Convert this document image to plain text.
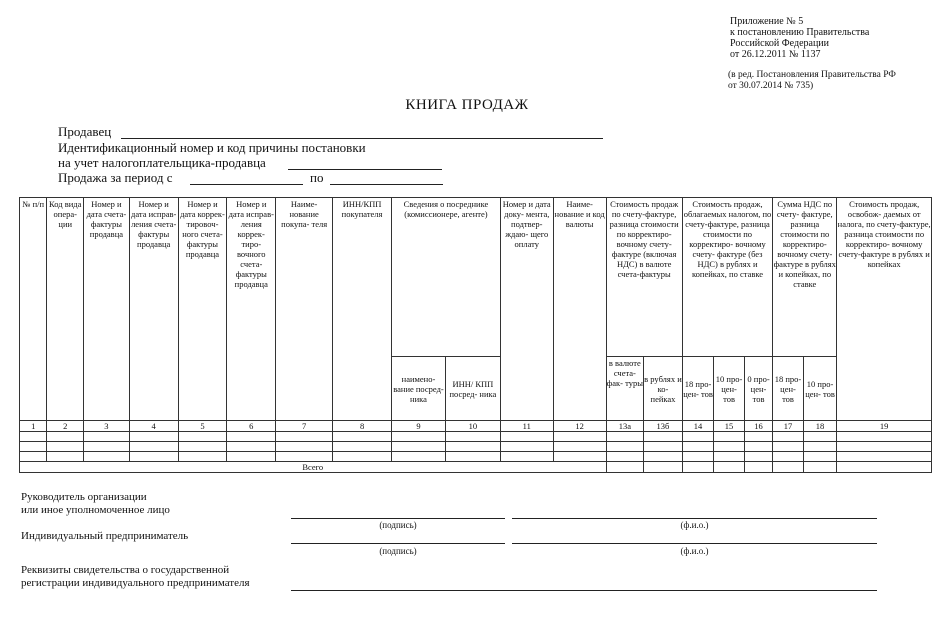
Приложение № 5
к постановлению Правительства
Российской Федерации
от 26.12.2011 № 1137
(в ред. Постановления Правительства РФ
от 30.07.2014 № 735)
КНИГА ПРОДАЖ
Продавец
Идентификационный номер и код причины постановки
на учет налогоплательщика-продавца
Продажа за период с	по
№ п/п	Код вида опера- ции	Номер и дата счета- фактуры продавца	Номер и дата исправ- ления счета- фактуры продавца	Номер и дата коррек- тировоч- ного счета- фактуры продавца	Номер и дата исправ- ления коррек- тиро- вочного счета- фактуры продавца	Наиме- нование покупа- теля	ИНН/КПП покупателя	Сведения о посреднике (комиссионере, агенте)		Номер и дата доку- мента, подтвер- ждаю- щего оплату	Наиме- нование и код валюты	Стоимость продаж по счету-фактуре, разница стоимости по корректиро- вочному счету- фактуре (включая НДС) в валюте счета-фактуры		Стоимость продаж, облагаемых налогом, по счету-фактуре, разница стоимости по корректиро- вочному счету- фактуре (без НДС) в рублях и копейках, по ставке			Сумма НДС по счету- фактуре, разница стоимости по корректиро- вочному счету- фактуре в рублях и копейках, по ставке		Стоимость продаж, освобож- даемых от налога, по счету-фактуре, разница стоимости по корректиро- вочному счету-фактуре в рублях и копейках
								наимено- вание посред- ника	ИНН/ КПП посред- ника			в валюте счета- фак- туры	в рублях и ко- пейках	18 про- цен- тов	10 про- цен- тов	0 про- цен- тов	18 про- цен- тов	10 про- цен- тов	
1	2	3	4	5	6	7	8	9	10	11	12	13а	13б	14	15	16	17	18	19

Всего																			
Руководитель организации
или иное уполномоченное лицо
(подпись)	(ф.и.о.)
Индивидуальный предприниматель
(подпись)	(ф.и.о.)
Реквизиты свидетельства о государственной
регистрации индивидуального предпринимателя
